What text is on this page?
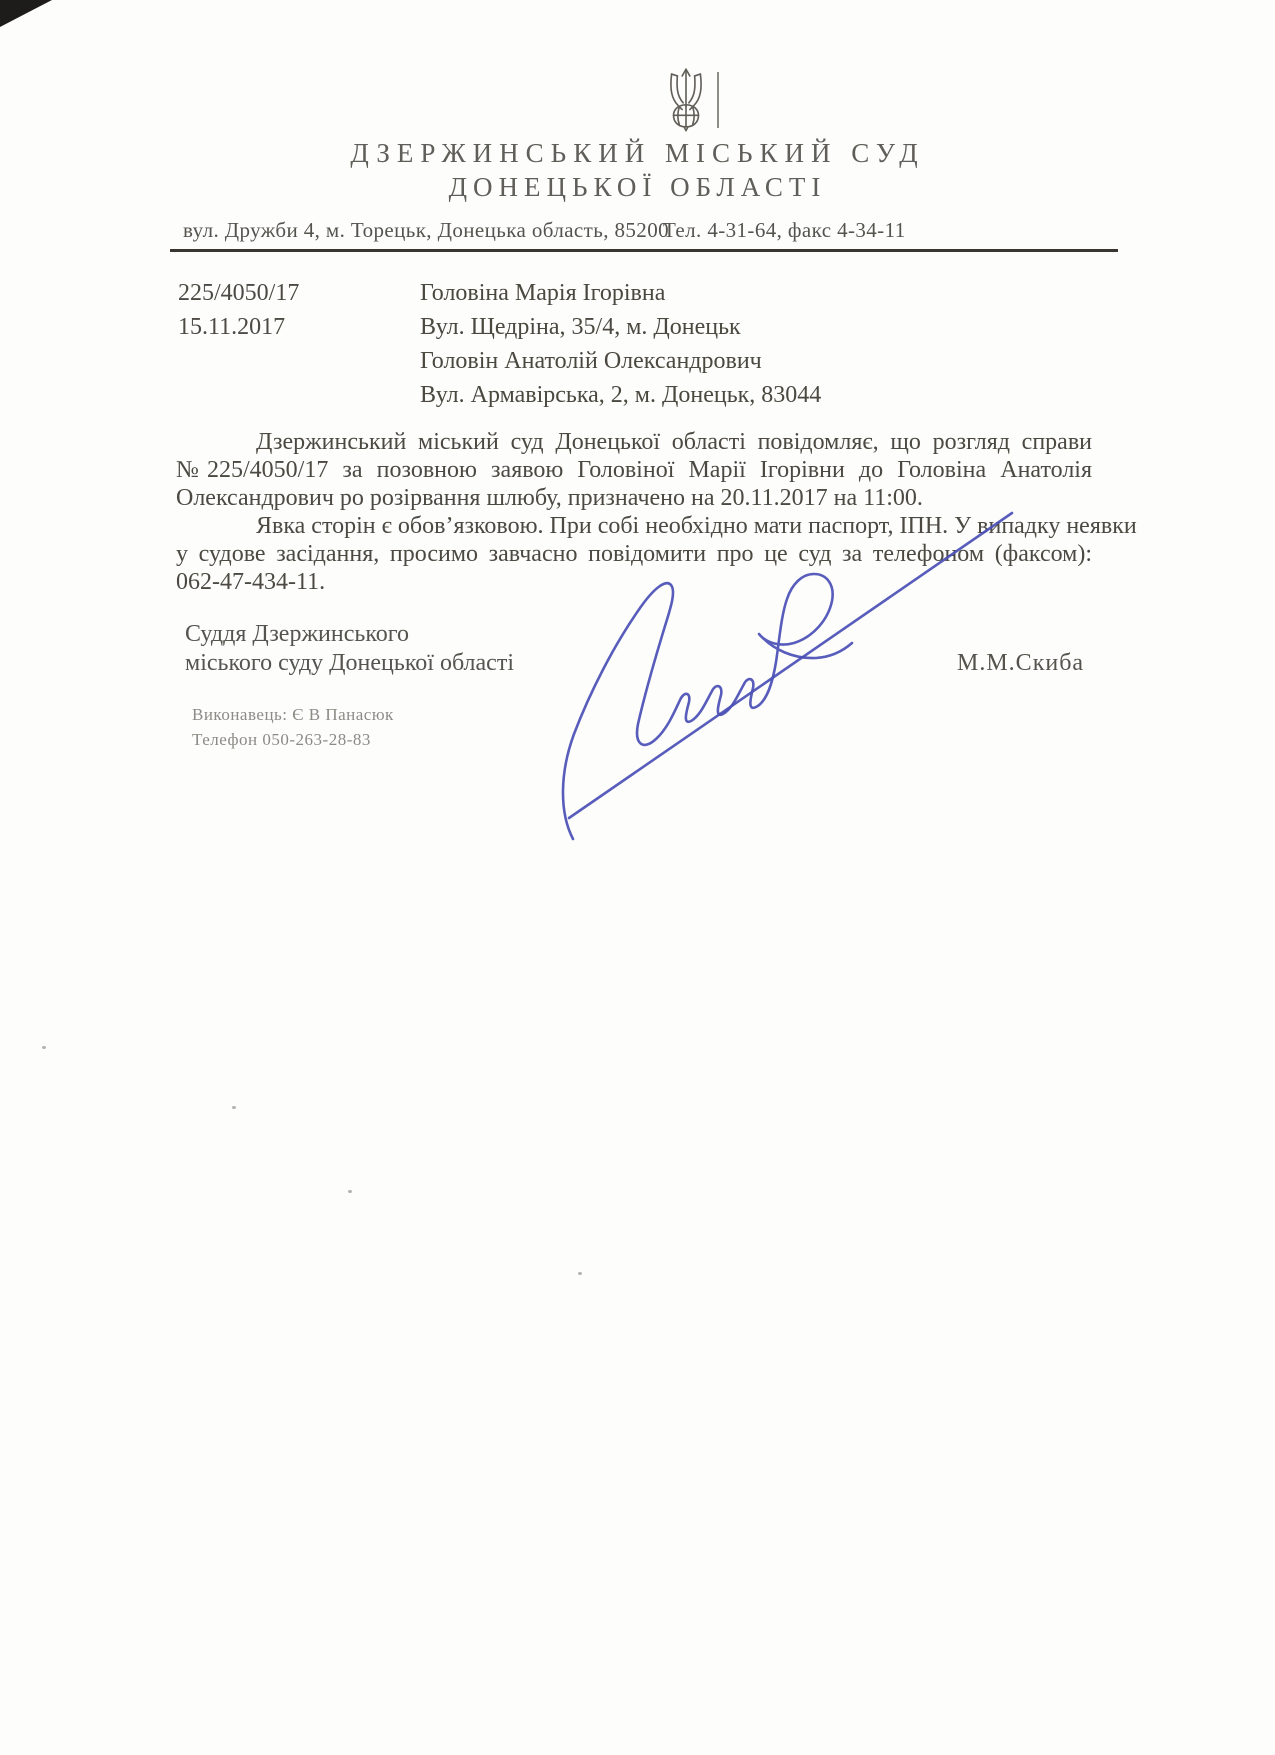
ДЗЕРЖИНСЬКИЙ МІСЬКИЙ СУД
ДОНЕЦЬКОЇ ОБЛАСТІ
вул. Дружби 4, м. Торецьк, Донецька область, 85200
Тел. 4-31-64, факс 4-34-11
225/4050/17
15.11.2017
Головіна Марія Ігорівна
Вул. Щедріна, 35/4, м. Донецьк
Головін Анатолій Олександрович
Вул. Армавірська, 2, м. Донецьк, 83044
Дзержинський міський суд Донецької області повідомляє, що розгляд справи
№225/4050/17 за позовною заявою Головіної Марії Ігорівни до Головіна Анатолія
Олександрович ро розірвання шлюбу, призначено на 20.11.2017 на 11:00.
Явка сторін є обов’язковою. При собі необхідно мати паспорт, ІПН. У випадку неявки
у судове засідання, просимо завчасно повідомити про це суд за телефоном (факсом):
062-47-434-11.
Суддя Дзержинського
міського суду Донецької області	М.М.Скиба
Виконавець: Є В Панасюк
Телефон 050-263-28-83
